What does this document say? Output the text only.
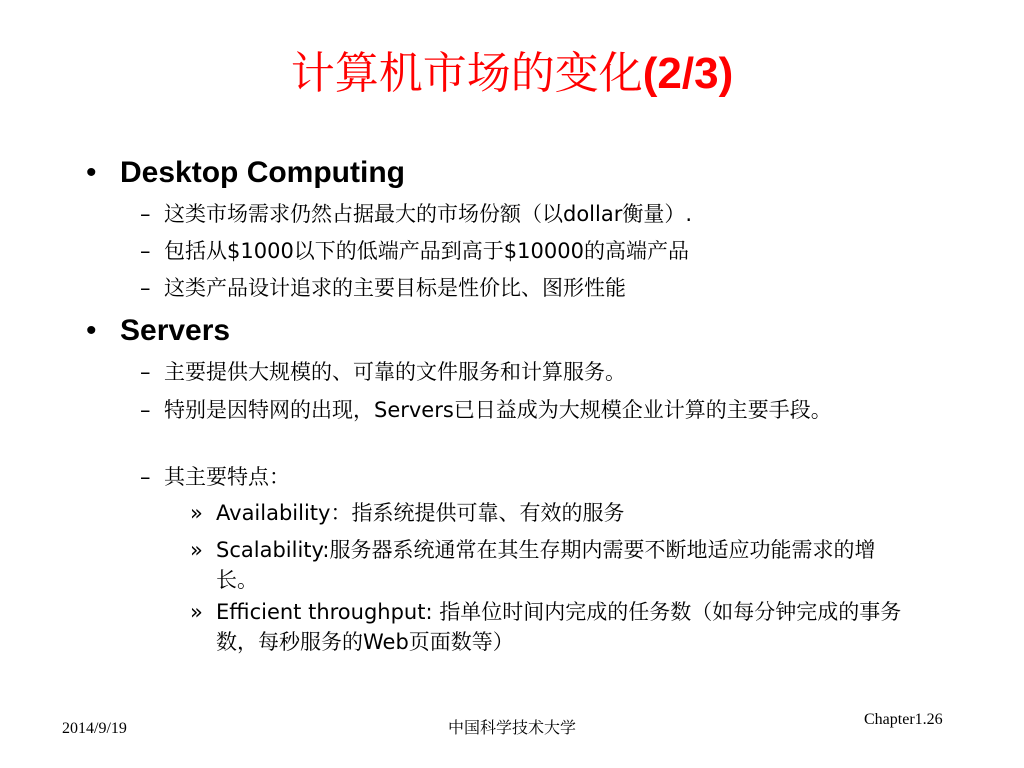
计算机市场的变化(2/3)
• Desktop Computing
– 这类市场需求仍然占据最大的市场份额（以dollar衡量）.
– 包括从$1000以下的低端产品到高于$10000的高端产品
– 这类产品设计追求的主要目标是性价比、图形性能
• Servers
– 主要提供大规模的、可靠的文件服务和计算服务。
– 特别是因特网的出现，Servers已日益成为大规模企业计算的主要手段。
– 其主要特点：
» Availability：指系统提供可靠、有效的服务
» Scalability:服务器系统通常在其生存期内需要不断地适应功能需求的增长。
» Efficient throughput: 指单位时间内完成的任务数（如每分钟完成的事务数，每秒服务的Web页面数等）
2014/9/19	中国科学技术大学
Chapter1.26
